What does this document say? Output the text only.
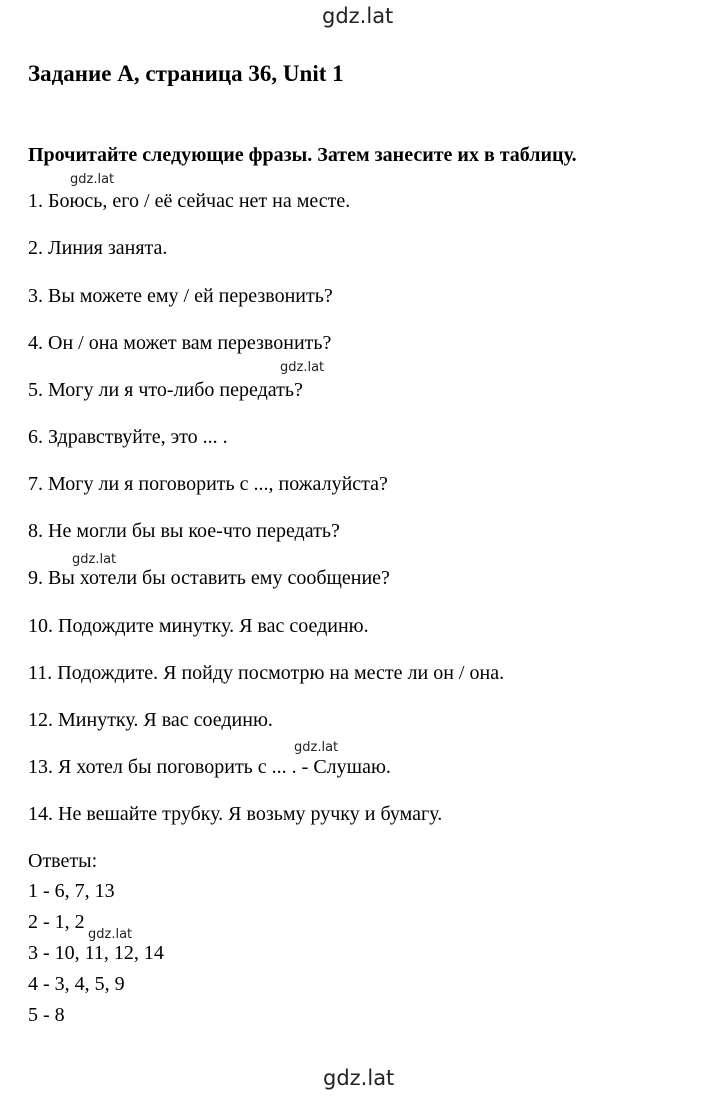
gdz.lat
gdz.lat
gdz.lat
gdz.lat
gdz.lat
gdz.lat
gdz.lat
Задание A, страница 36, Unit 1
Прочитайте следующие фразы. Затем занесите их в таблицу.
1. Боюсь, его / её сейчас нет на месте.
2. Линия занята.
3. Вы можете ему / ей перезвонить?
4. Он / она может вам перезвонить?
5. Могу ли я что-либо передать?
6. Здравствуйте, это ... .
7. Могу ли я поговорить с ..., пожалуйста?
8. Не могли бы вы кое-что передать?
9. Вы хотели бы оставить ему сообщение?
10. Подождите минутку. Я вас соединю.
11. Подождите. Я пойду посмотрю на месте ли он / она.
12. Минутку. Я вас соединю.
13. Я хотел бы поговорить с ... . - Слушаю.
14. Не вешайте трубку. Я возьму ручку и бумагу.
Ответы:
1 - 6, 7, 13
2 - 1, 2
3 - 10, 11, 12, 14
4 - 3, 4, 5, 9
5 - 8
